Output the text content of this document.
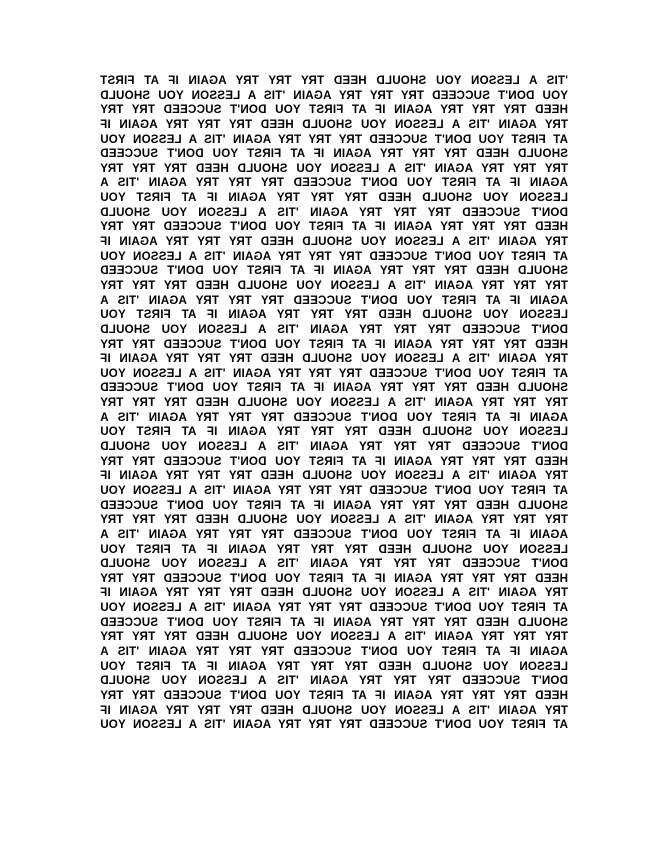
'TIS A LESSON YOU SHOULD HEED TRY TRY TRY AGAIN IF AT FIRST
YOU DON'T SUCCEED TRY TRY TRY AGAIN 'TIS A LESSON YOU SHOULD
HEED TRY TRY TRY AGAIN IF AT FIRST YOU DON'T SUCCEED TRY TRY
TRY AGAIN 'TIS A LESSON YOU SHOULD HEED TRY TRY TRY AGAIN IF
AT FIRST YOU DON'T SUCCEED TRY TRY TRY AGAIN 'TIS A LESSON YOU
SHOULD HEED TRY TRY TRY AGAIN IF AT FIRST YOU DON'T SUCCEED
TRY TRY TRY AGAIN 'TIS A LESSON YOU SHOULD HEED TRY TRY TRY
AGAIN IF AT FIRST YOU DON'T SUCCEED TRY TRY TRY AGAIN 'TIS A
LESSON YOU SHOULD HEED TRY TRY TRY AGAIN IF AT FIRST YOU
DON'T SUCCEED TRY TRY TRY AGAIN 'TIS A LESSON YOU SHOULD
HEED TRY TRY TRY AGAIN IF AT FIRST YOU DON'T SUCCEED TRY TRY
TRY AGAIN 'TIS A LESSON YOU SHOULD HEED TRY TRY TRY AGAIN IF
AT FIRST YOU DON'T SUCCEED TRY TRY TRY AGAIN 'TIS A LESSON YOU
SHOULD HEED TRY TRY TRY AGAIN IF AT FIRST YOU DON'T SUCCEED
TRY TRY TRY AGAIN 'TIS A LESSON YOU SHOULD HEED TRY TRY TRY
AGAIN IF AT FIRST YOU DON'T SUCCEED TRY TRY TRY AGAIN 'TIS A
LESSON YOU SHOULD HEED TRY TRY TRY AGAIN IF AT FIRST YOU
DON'T SUCCEED TRY TRY TRY AGAIN 'TIS A LESSON YOU SHOULD
HEED TRY TRY TRY AGAIN IF AT FIRST YOU DON'T SUCCEED TRY TRY
TRY AGAIN 'TIS A LESSON YOU SHOULD HEED TRY TRY TRY AGAIN IF
AT FIRST YOU DON'T SUCCEED TRY TRY TRY AGAIN 'TIS A LESSON YOU
SHOULD HEED TRY TRY TRY AGAIN IF AT FIRST YOU DON'T SUCCEED
TRY TRY TRY AGAIN 'TIS A LESSON YOU SHOULD HEED TRY TRY TRY
AGAIN IF AT FIRST YOU DON'T SUCCEED TRY TRY TRY AGAIN 'TIS A
LESSON YOU SHOULD HEED TRY TRY TRY AGAIN IF AT FIRST YOU
DON'T SUCCEED TRY TRY TRY AGAIN 'TIS A LESSON YOU SHOULD
HEED TRY TRY TRY AGAIN IF AT FIRST YOU DON'T SUCCEED TRY TRY
TRY AGAIN 'TIS A LESSON YOU SHOULD HEED TRY TRY TRY AGAIN IF
AT FIRST YOU DON'T SUCCEED TRY TRY TRY AGAIN 'TIS A LESSON YOU
SHOULD HEED TRY TRY TRY AGAIN IF AT FIRST YOU DON'T SUCCEED
TRY TRY TRY AGAIN 'TIS A LESSON YOU SHOULD HEED TRY TRY TRY
AGAIN IF AT FIRST YOU DON'T SUCCEED TRY TRY TRY AGAIN 'TIS A
LESSON YOU SHOULD HEED TRY TRY TRY AGAIN IF AT FIRST YOU
DON'T SUCCEED TRY TRY TRY AGAIN 'TIS A LESSON YOU SHOULD
HEED TRY TRY TRY AGAIN IF AT FIRST YOU DON'T SUCCEED TRY TRY
TRY AGAIN 'TIS A LESSON YOU SHOULD HEED TRY TRY TRY AGAIN IF
AT FIRST YOU DON'T SUCCEED TRY TRY TRY AGAIN 'TIS A LESSON YOU
SHOULD HEED TRY TRY TRY AGAIN IF AT FIRST YOU DON'T SUCCEED
TRY TRY TRY AGAIN 'TIS A LESSON YOU SHOULD HEED TRY TRY TRY
AGAIN IF AT FIRST YOU DON'T SUCCEED TRY TRY TRY AGAIN 'TIS A
LESSON YOU SHOULD HEED TRY TRY TRY AGAIN IF AT FIRST YOU
DON'T SUCCEED TRY TRY TRY AGAIN 'TIS A LESSON YOU SHOULD
HEED TRY TRY TRY AGAIN IF AT FIRST YOU DON'T SUCCEED TRY TRY
TRY AGAIN 'TIS A LESSON YOU SHOULD HEED TRY TRY TRY AGAIN IF
AT FIRST YOU DON'T SUCCEED TRY TRY TRY AGAIN 'TIS A LESSON YOU
